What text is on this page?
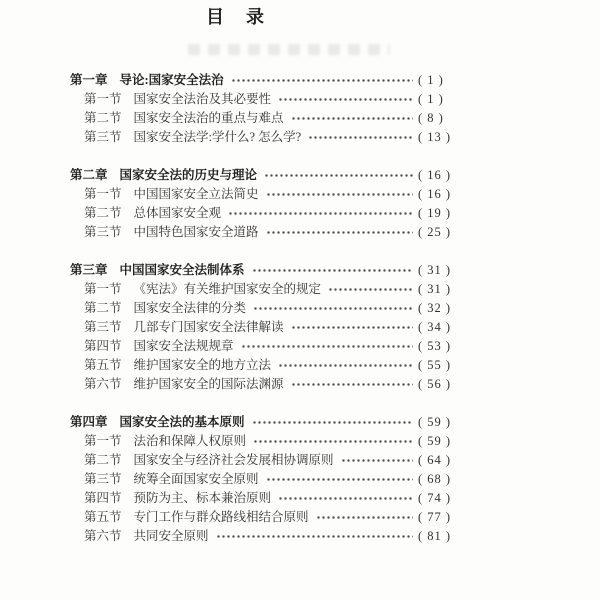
目　录
第一章 导论:国家安全法治	( 1 )
第一节 国家安全法治及其必要性	( 1 )
第二节 国家安全法治的重点与难点	( 8 )
第三节 国家安全法学:学什么? 怎么学?	( 13 )
第二章 国家安全法的历史与理论	( 16 )
第一节 中国国家安全立法简史	( 16 )
第二节 总体国家安全观	( 19 )
第三节 中国特色国家安全道路	( 25 )
第三章 中国国家安全法制体系	( 31 )
第一节 《宪法》有关维护国家安全的规定	( 31 )
第二节 国家安全法律的分类	( 32 )
第三节 几部专门国家安全法律解读	( 34 )
第四节 国家安全法规规章	( 53 )
第五节 维护国家安全的地方立法	( 55 )
第六节 维护国家安全的国际法渊源	( 56 )
第四章 国家安全法的基本原则	( 59 )
第一节 法治和保障人权原则	( 59 )
第二节 国家安全与经济社会发展相协调原则	( 64 )
第三节 统筹全面国家安全原则	( 68 )
第四节 预防为主、标本兼治原则	( 74 )
第五节 专门工作与群众路线相结合原则	( 77 )
第六节 共同安全原则	( 81 )
